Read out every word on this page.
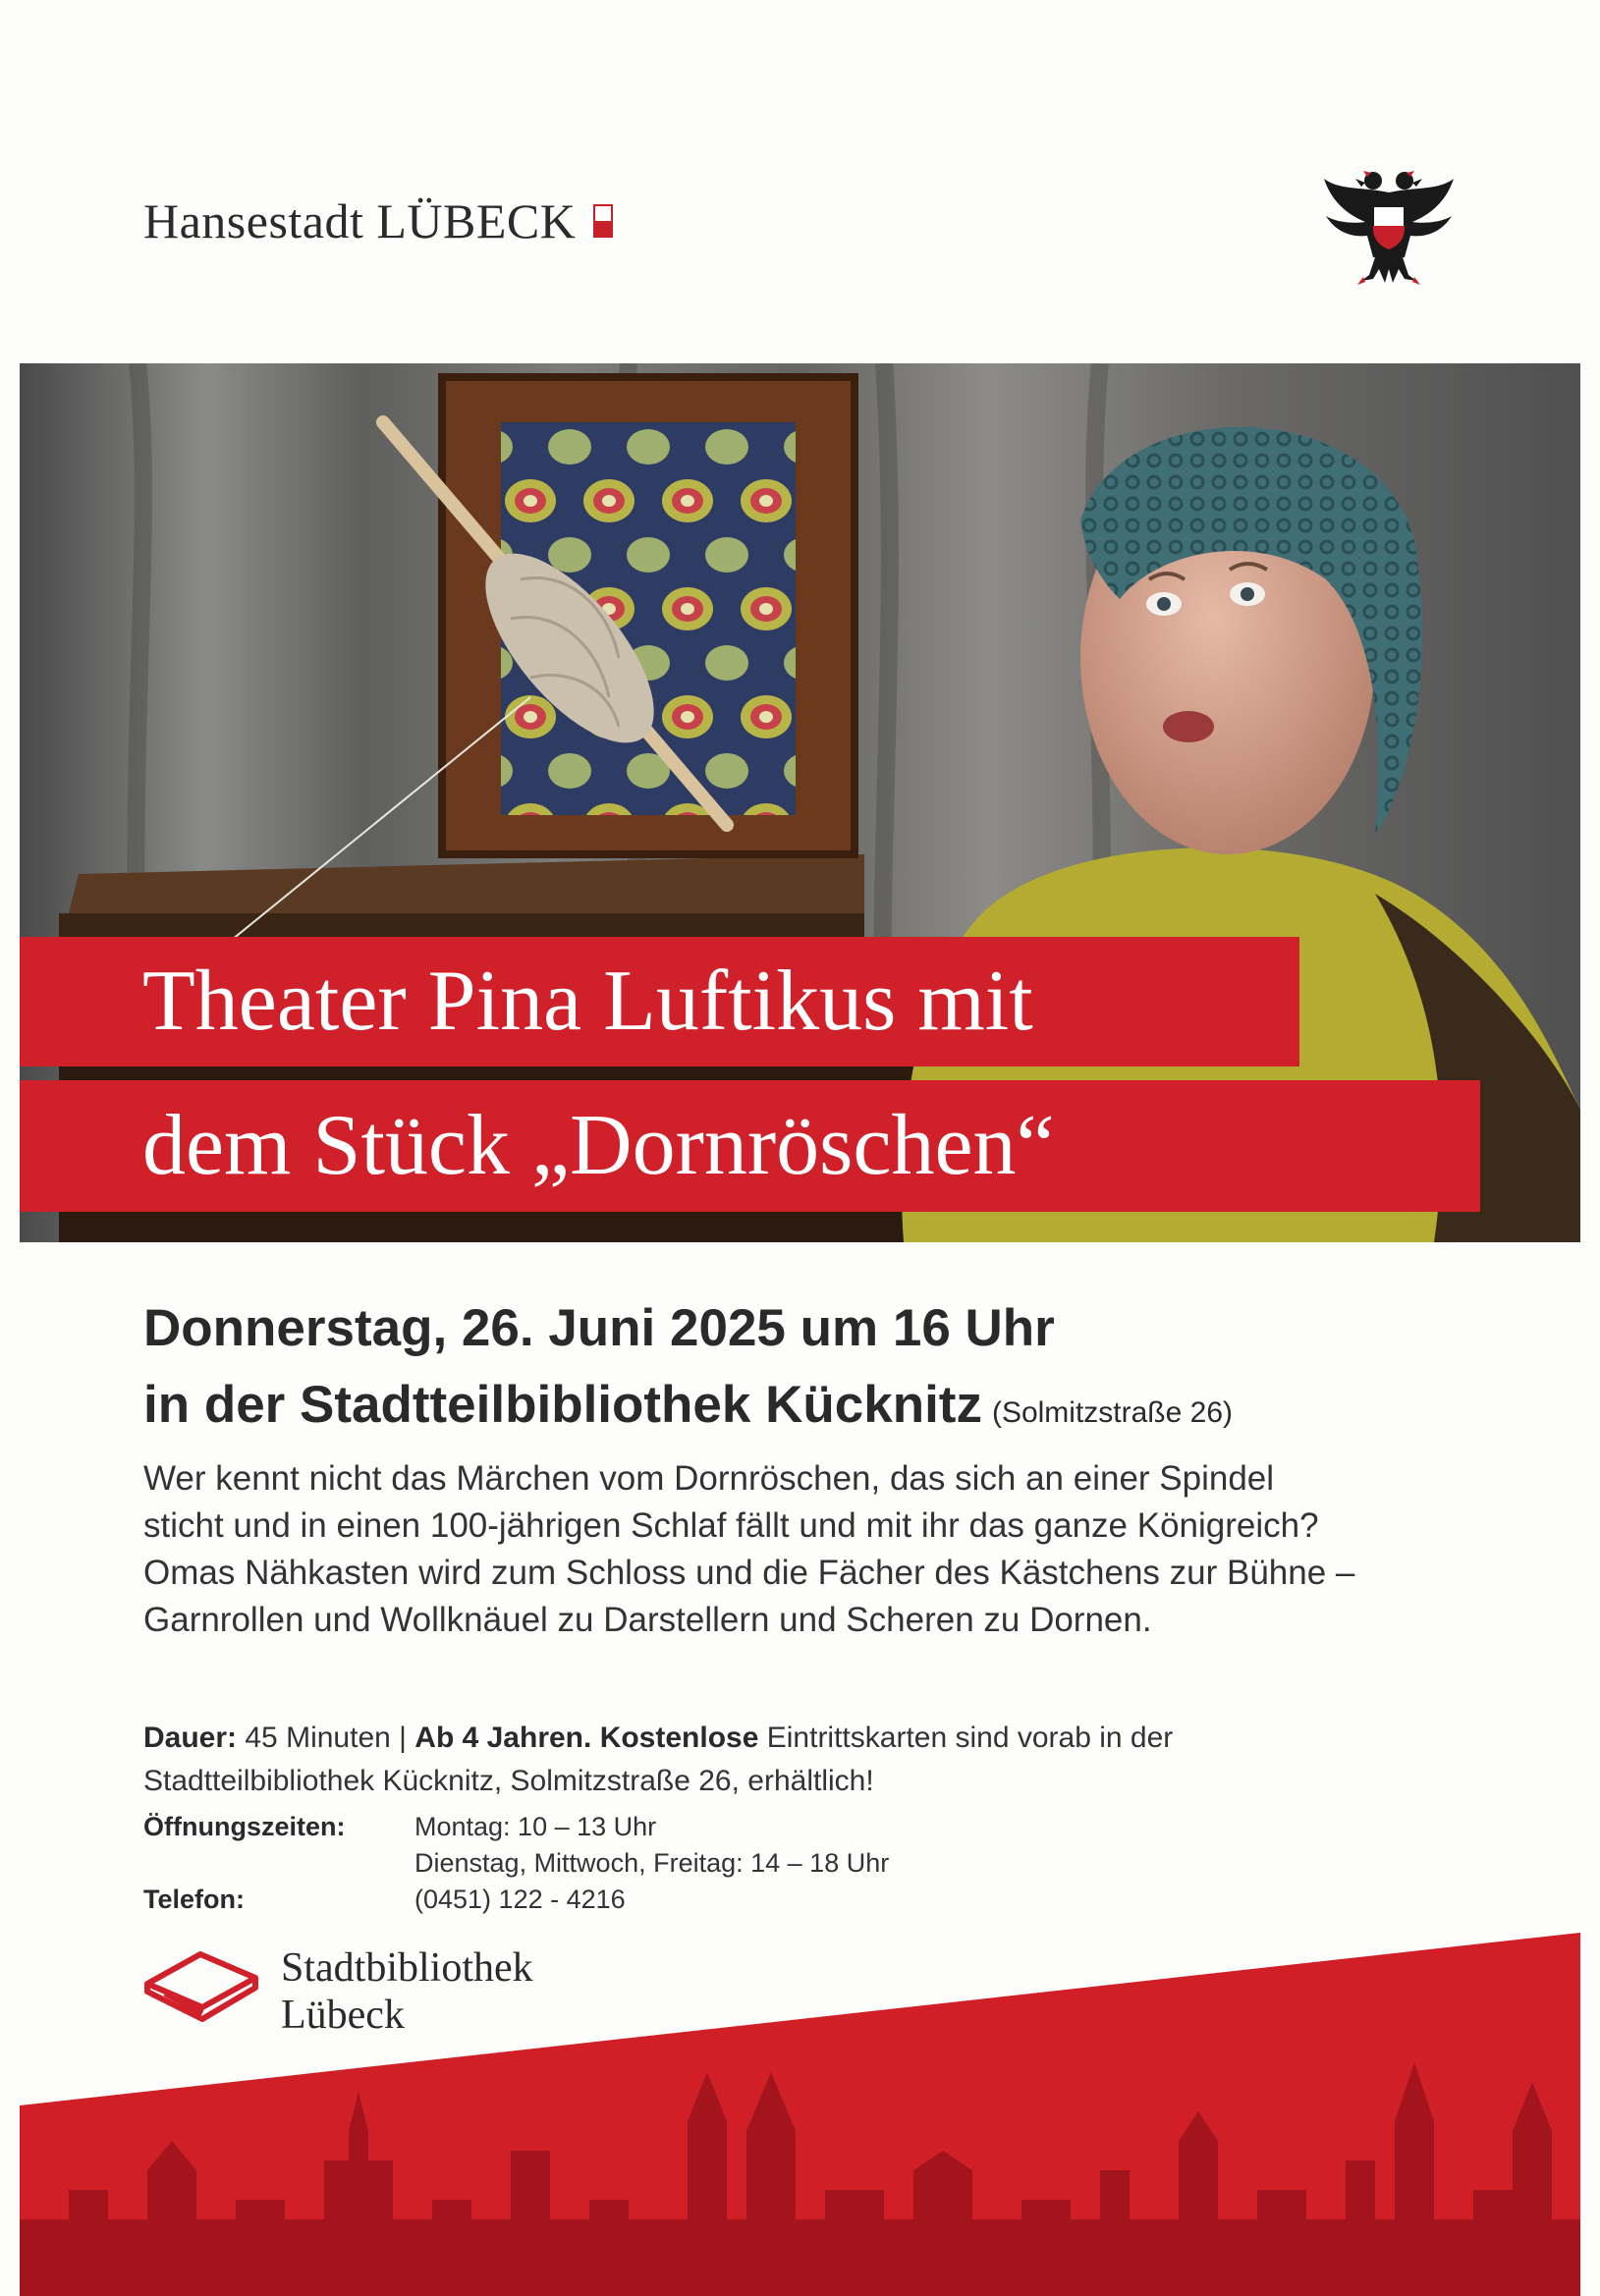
Hansestadt LÜBECK
Theater Pina Luftikus mit
dem Stück „Dornröschen“
Donnerstag, 26. Juni 2025 um 16 Uhr
in der Stadtteilbibliothek Kücknitz (Solmitzstraße 26)

Wer kennt nicht das Märchen vom Dornröschen, das sich an einer Spindel sticht und in einen 100-jährigen Schlaf fällt und mit ihr das ganze Königreich? Omas Nähkasten wird zum Schloss und die Fächer des Kästchens zur Bühne – Garnrollen und Wollknäuel zu Darstellern und Scheren zu Dornen.

Dauer: 45 Minuten | Ab 4 Jahren. Kostenlose Eintrittskarten sind vorab in der Stadtteilbibliothek Kücknitz, Solmitzstraße 26, erhältlich!
Öffnungszeiten:	Montag: 10 – 13 Uhr
Dienstag, Mittwoch, Freitag: 14 – 18 Uhr
Telefon:	(0451) 122 - 4216
Stadtbibliothek
Lübeck
